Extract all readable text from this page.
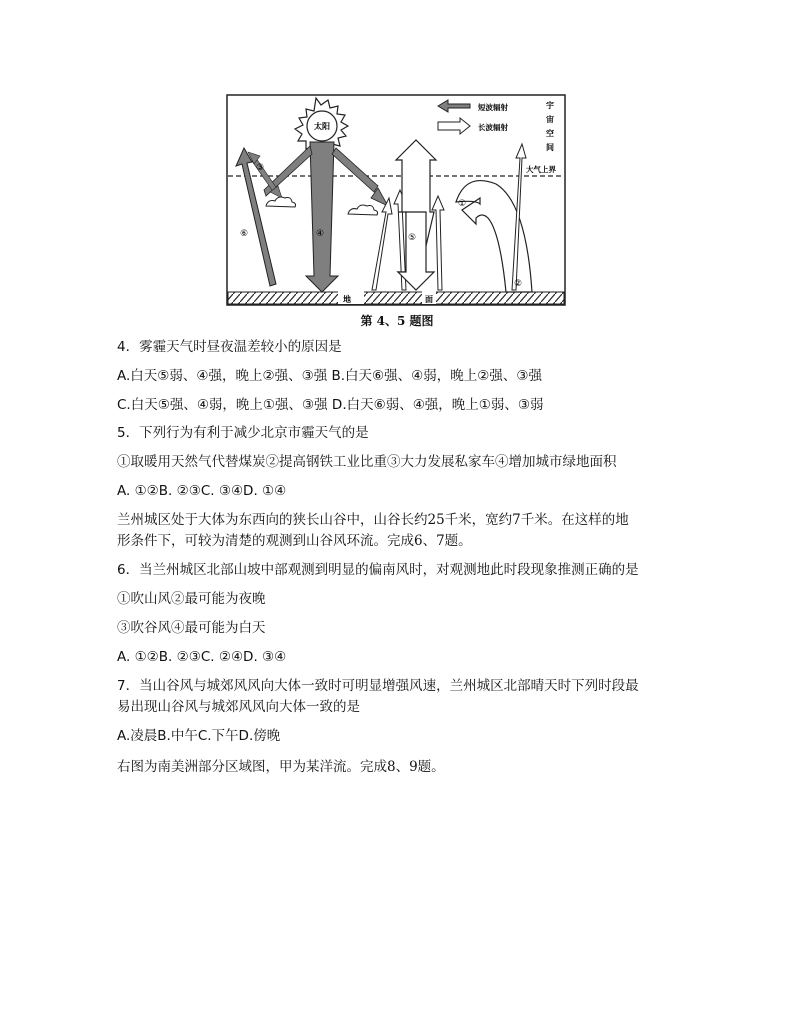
地	面
太阳
短波辐射
长波辐射
宇
宙
空
间
大气上界
①
②
③
④	⑤
⑥
第 4、5 题图
4．雾霾天气时昼夜温差较小的原因是
A.白天⑤弱、④强，晚上②强、③强 B.白天⑥强、④弱，晚上②强、③强
C.白天⑤强、④弱，晚上①强、③强 D.白天⑥弱、④强，晚上①弱、③弱
5．下列行为有利于减少北京市霾天气的是
①取暖用天然气代替煤炭②提高钢铁工业比重③大力发展私家车④增加城市绿地面积
A. ①②B. ②③C. ③④D. ①④
兰州城区处于大体为东西向的狭长山谷中，山谷长约25千米，宽约7千米。在这样的地
形条件下，可较为清楚的观测到山谷风环流。完成6、7题。
6．当兰州城区北部山坡中部观测到明显的偏南风时，对观测地此时段现象推测正确的是
①吹山风②最可能为夜晚
③吹谷风④最可能为白天
A. ①②B. ②③C. ②④D. ③④
7．当山谷风与城郊风风向大体一致时可明显增强风速，兰州城区北部晴天时下列时段最
易出现山谷风与城郊风风向大体一致的是
A.凌晨B.中午C.下午D.傍晚
右图为南美洲部分区域图，甲为某洋流。完成8、9题。
